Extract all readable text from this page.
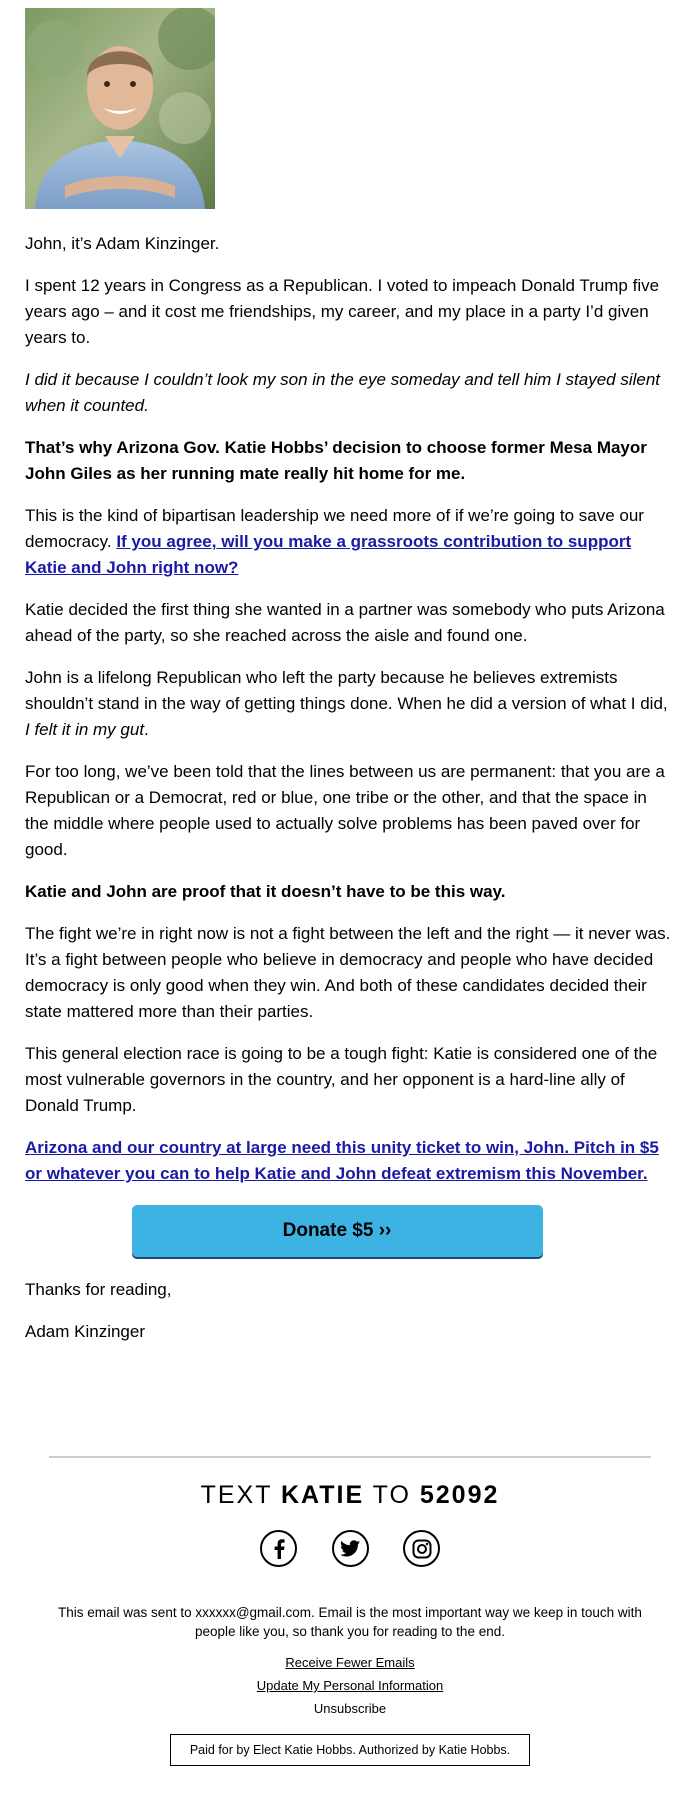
John, it’s Adam Kinzinger.

I spent 12 years in Congress as a Republican. I voted to impeach Donald Trump five years ago – and it cost me friendships, my career, and my place in a party I’d given years to.

I did it because I couldn’t look my son in the eye someday and tell him I stayed silent when it counted.

That’s why Arizona Gov. Katie Hobbs’ decision to choose former Mesa Mayor John Giles as her running mate really hit home for me.

This is the kind of bipartisan leadership we need more of if we’re going to save our democracy. If you agree, will you make a grassroots contribution to support Katie and John right now?

Katie decided the first thing she wanted in a partner was somebody who puts Arizona ahead of the party, so she reached across the aisle and found one.

John is a lifelong Republican who left the party because he believes extremists shouldn’t stand in the way of getting things done. When he did a version of what I did, I felt it in my gut.

For too long, we’ve been told that the lines between us are permanent: that you are a Republican or a Democrat, red or blue, one tribe or the other, and that the space in the middle where people used to actually solve problems has been paved over for good.

Katie and John are proof that it doesn’t have to be this way.

The fight we’re in right now is not a fight between the left and the right — it never was. It’s a fight between people who believe in democracy and people who have decided democracy is only good when they win. And both of these candidates decided their state mattered more than their parties.

This general election race is going to be a tough fight: Katie is considered one of the most vulnerable governors in the country, and her opponent is a hard-line ally of Donald Trump.

Arizona and our country at large need this unity ticket to win, John. Pitch in $5 or whatever you can to help Katie and John defeat extremism this November.

Donate $5 ››

Thanks for reading,

Adam Kinzinger

TEXT KATIE TO 52092
This email was sent to xxxxxx@gmail.com. Email is the most important way we keep in touch with people like you, so thank you for reading to the end.
Receive Fewer Emails
Update My Personal Information
Unsubscribe
Paid for by Elect Katie Hobbs. Authorized by Katie Hobbs.
